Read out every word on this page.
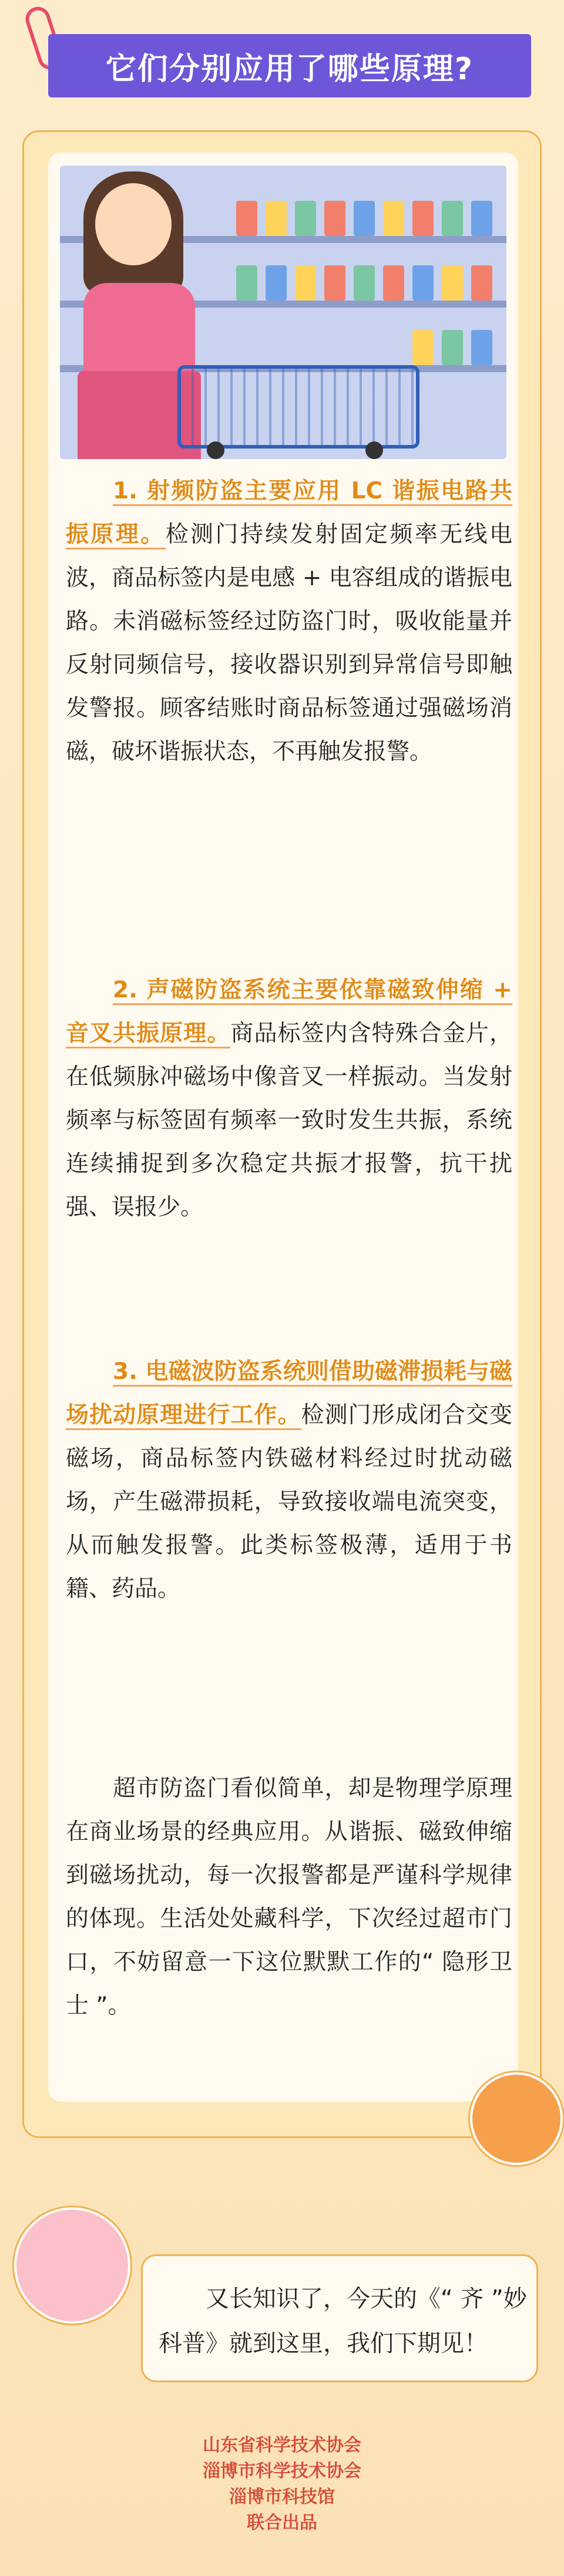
它们分别应用了哪些原理?
1. 射频防盗主要应用 LC 谐振电路共振原理。检测门持续发射固定频率无线电波，商品标签内是电感 + 电容组成的谐振电路。未消磁标签经过防盗门时，吸收能量并反射同频信号，接收器识别到异常信号即触发警报。顾客结账时商品标签通过强磁场消磁，破坏谐振状态，不再触发报警。
2. 声磁防盗系统主要依靠磁致伸缩 + 音叉共振原理。商品标签内含特殊合金片，在低频脉冲磁场中像音叉一样振动。当发射频率与标签固有频率一致时发生共振，系统连续捕捉到多次稳定共振才报警，抗干扰强、误报少。
3. 电磁波防盗系统则借助磁滞损耗与磁场扰动原理进行工作。检测门形成闭合交变磁场，商品标签内铁磁材料经过时扰动磁场，产生磁滞损耗，导致接收端电流突变，从而触发报警。此类标签极薄，适用于书籍、药品。
超市防盗门看似简单，却是物理学原理在商业场景的经典应用。从谐振、磁致伸缩到磁场扰动，每一次报警都是严谨科学规律的体现。生活处处藏科学，下次经过超市门口，不妨留意一下这位默默工作的“ 隐形卫士 ”。
又长知识了，今天的《“ 齐 ”妙科普》就到这里，我们下期见！
山东省科学技术协会
淄博市科学技术协会
淄博市科技馆
联合出品
